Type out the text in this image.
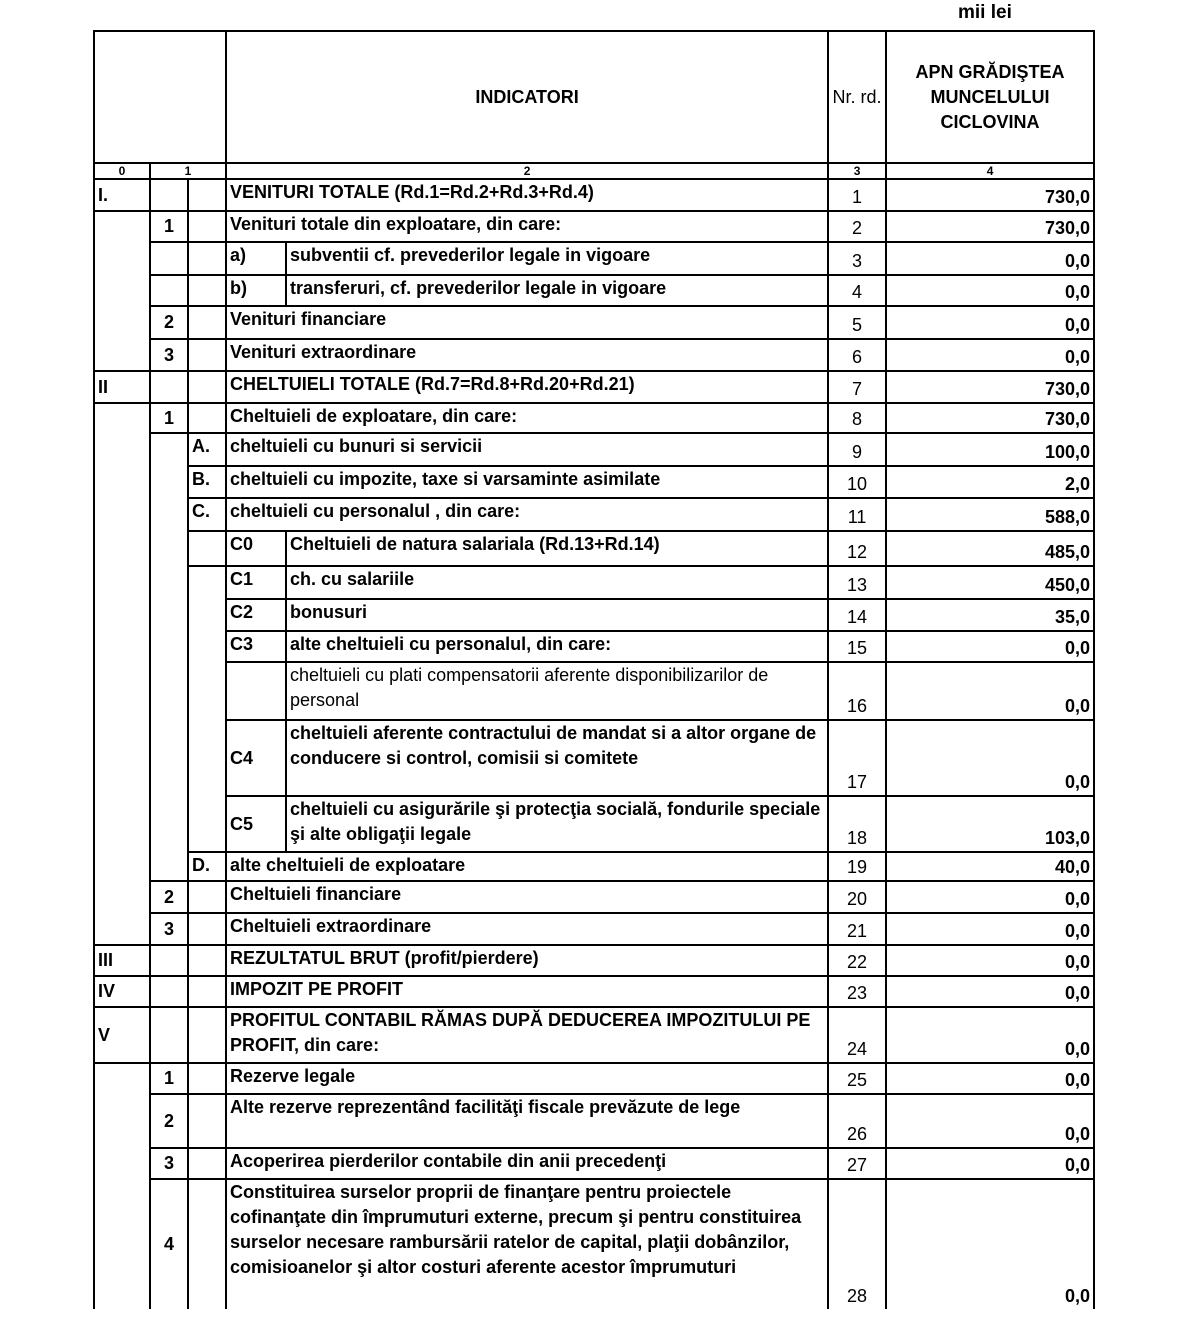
mii lei
			INDICATORI		Nr. rd.	APN GRĂDIŞTEA MUNCELULUI CICLOVINA
0	1		2		3	4
I.			VENITURI TOTALE (Rd.1=Rd.2+Rd.3+Rd.4)		1	730,0
	1		Venituri totale din exploatare, din care:		2	730,0
			a)	subventii cf. prevederilor legale in vigoare	3	0,0
			b)	transferuri, cf. prevederilor legale in vigoare	4	0,0
	2		Venituri financiare		5	0,0
	3		Venituri extraordinare		6	0,0
II			CHELTUIELI TOTALE (Rd.7=Rd.8+Rd.20+Rd.21)		7	730,0
	1		Cheltuieli de exploatare, din care:		8	730,0
		A.	cheltuieli cu bunuri si servicii		9	100,0
		B.	cheltuieli cu impozite, taxe si varsaminte asimilate		10	2,0
		C.	cheltuieli cu personalul , din care:		11	588,0
			C0	Cheltuieli de natura salariala (Rd.13+Rd.14)	12	485,0
			C1	ch. cu salariile	13	450,0
			C2	bonusuri	14	35,0
			C3	alte cheltuieli cu personalul, din care:	15	0,0
				cheltuieli cu plati compensatorii aferente disponibilizarilor de personal	16	0,0
			C4	cheltuieli aferente contractului de mandat si a altor organe de conducere si control, comisii si comitete	17	0,0
			C5	cheltuieli cu asigurările şi protecţia socială, fondurile speciale şi alte obligaţii legale	18	103,0
		D.	alte cheltuieli de exploatare		19	40,0
	2		Cheltuieli financiare		20	0,0
	3		Cheltuieli extraordinare		21	0,0
III			REZULTATUL BRUT (profit/pierdere)		22	0,0
IV			IMPOZIT PE PROFIT		23	0,0
V			PROFITUL CONTABIL RĂMAS DUPĂ DEDUCEREA IMPOZITULUI PE PROFIT, din care:		24	0,0
	1		Rezerve legale		25	0,0
	2		Alte rezerve reprezentând facilităţi fiscale prevăzute de lege		26	0,0
	3		Acoperirea pierderilor contabile din anii precedenţi		27	0,0
	4		Constituirea surselor proprii de finanţare pentru proiectele cofinanţate din împrumuturi externe, precum şi pentru constituirea surselor necesare rambursării ratelor de capital, plaţii dobânzilor, comisioanelor şi altor costuri aferente acestor împrumuturi		28	0,0
